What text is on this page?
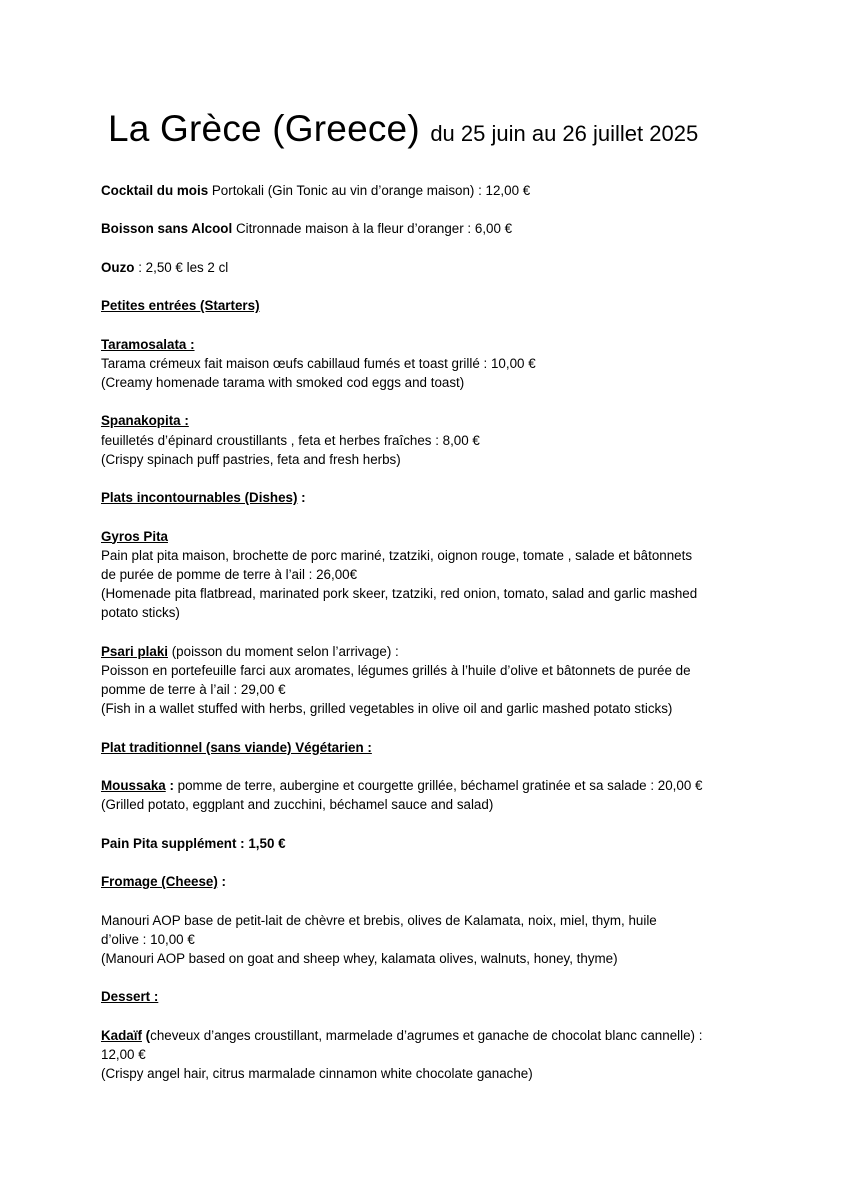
La Grèce (Greece) du 25 juin au 26 juillet 2025
Cocktail du mois Portokali (Gin Tonic au vin d’orange maison) : 12,00 €
Boisson sans Alcool Citronnade maison à la fleur d’oranger : 6,00 €
Ouzo : 2,50 € les 2 cl
Petites entrées (Starters)
Taramosalata :
Tarama crémeux fait maison œufs cabillaud fumés et toast grillé : 10,00 €
(Creamy homenade tarama with smoked cod eggs and toast)
Spanakopita :
feuilletés d’épinard croustillants , feta et herbes fraîches : 8,00 €
(Crispy spinach puff pastries, feta and fresh herbs)
Plats incontournables (Dishes) :
Gyros Pita
Pain plat pita maison, brochette de porc mariné, tzatziki, oignon rouge, tomate , salade et bâtonnets
de purée de pomme de terre à l’ail : 26,00€
(Homenade pita flatbread, marinated pork skeer, tzatziki, red onion, tomato, salad and garlic mashed
potato sticks)
Psari plaki (poisson du moment selon l’arrivage) :
Poisson en portefeuille farci aux aromates, légumes grillés à l’huile d’olive et bâtonnets de purée de
pomme de terre à l’ail : 29,00 €
(Fish in a wallet stuffed with herbs, grilled vegetables in olive oil and garlic mashed potato sticks)
Plat traditionnel (sans viande) Végétarien :
Moussaka : pomme de terre, aubergine et courgette grillée, béchamel gratinée et sa salade : 20,00 €
(Grilled potato, eggplant and zucchini, béchamel sauce and salad)
Pain Pita supplément : 1,50 €
Fromage (Cheese) :
Manouri AOP base de petit-lait de chèvre et brebis, olives de Kalamata, noix, miel, thym, huile
d’olive : 10,00 €
(Manouri AOP based on goat and sheep whey, kalamata olives, walnuts, honey, thyme)
Dessert :
Kadaïf (cheveux d’anges croustillant, marmelade d’agrumes et ganache de chocolat blanc cannelle) :
12,00 €
(Crispy angel hair, citrus marmalade cinnamon white chocolate ganache)
